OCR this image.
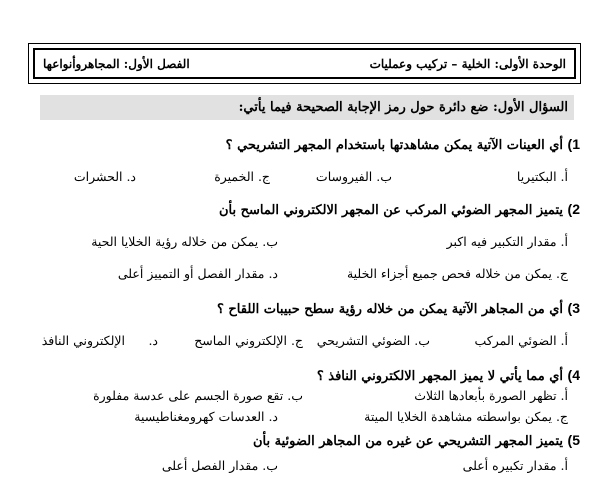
الوحدة الأولى: الخلية – تركيب وعمليات
الفصل الأول: المجاهروأنواعها
السؤال الأول: ضع دائرة حول رمز الإجابة الصحيحة فيما يأتي:
1) أي العينات الآتية يمكن مشاهدتها باستخدام المجهر التشريحي ؟
أ. البكتيريا
ب. الفيروسات
ج. الخميرة
د. الحشرات
2) يتميز المجهر الضوئي المركب عن المجهر الالكتروني الماسح بأن
أ. مقدار التكبير فيه اكبر
ب. يمكن من خلاله رؤية الخلايا الحية
ج. يمكن من خلاله فحص جميع أجزاء الخلية
د. مقدار الفصل أو التمييز أعلى
3) أي من المجاهر الآتية يمكن من خلاله رؤية سطح حبيبات اللقاح ؟
أ. الضوئي المركب
ب. الضوئي التشريحي
ج. الإلكتروني الماسح
د.
الإلكتروني النافذ
4) أي مما يأتي لا يميز المجهر الالكتروني النافذ ؟
أ. تظهر الصورة بأبعادها الثلاث
ب. تقع صورة الجسم على عدسة مفلورة
ج. يمكن بواسطته مشاهدة الخلايا الميتة
د. العدسات كهرومغناطيسية
5) يتميز المجهر التشريحي عن غيره من المجاهر الضوئية بأن
أ. مقدار تكبيره أعلى
ب. مقدار الفصل أعلى
